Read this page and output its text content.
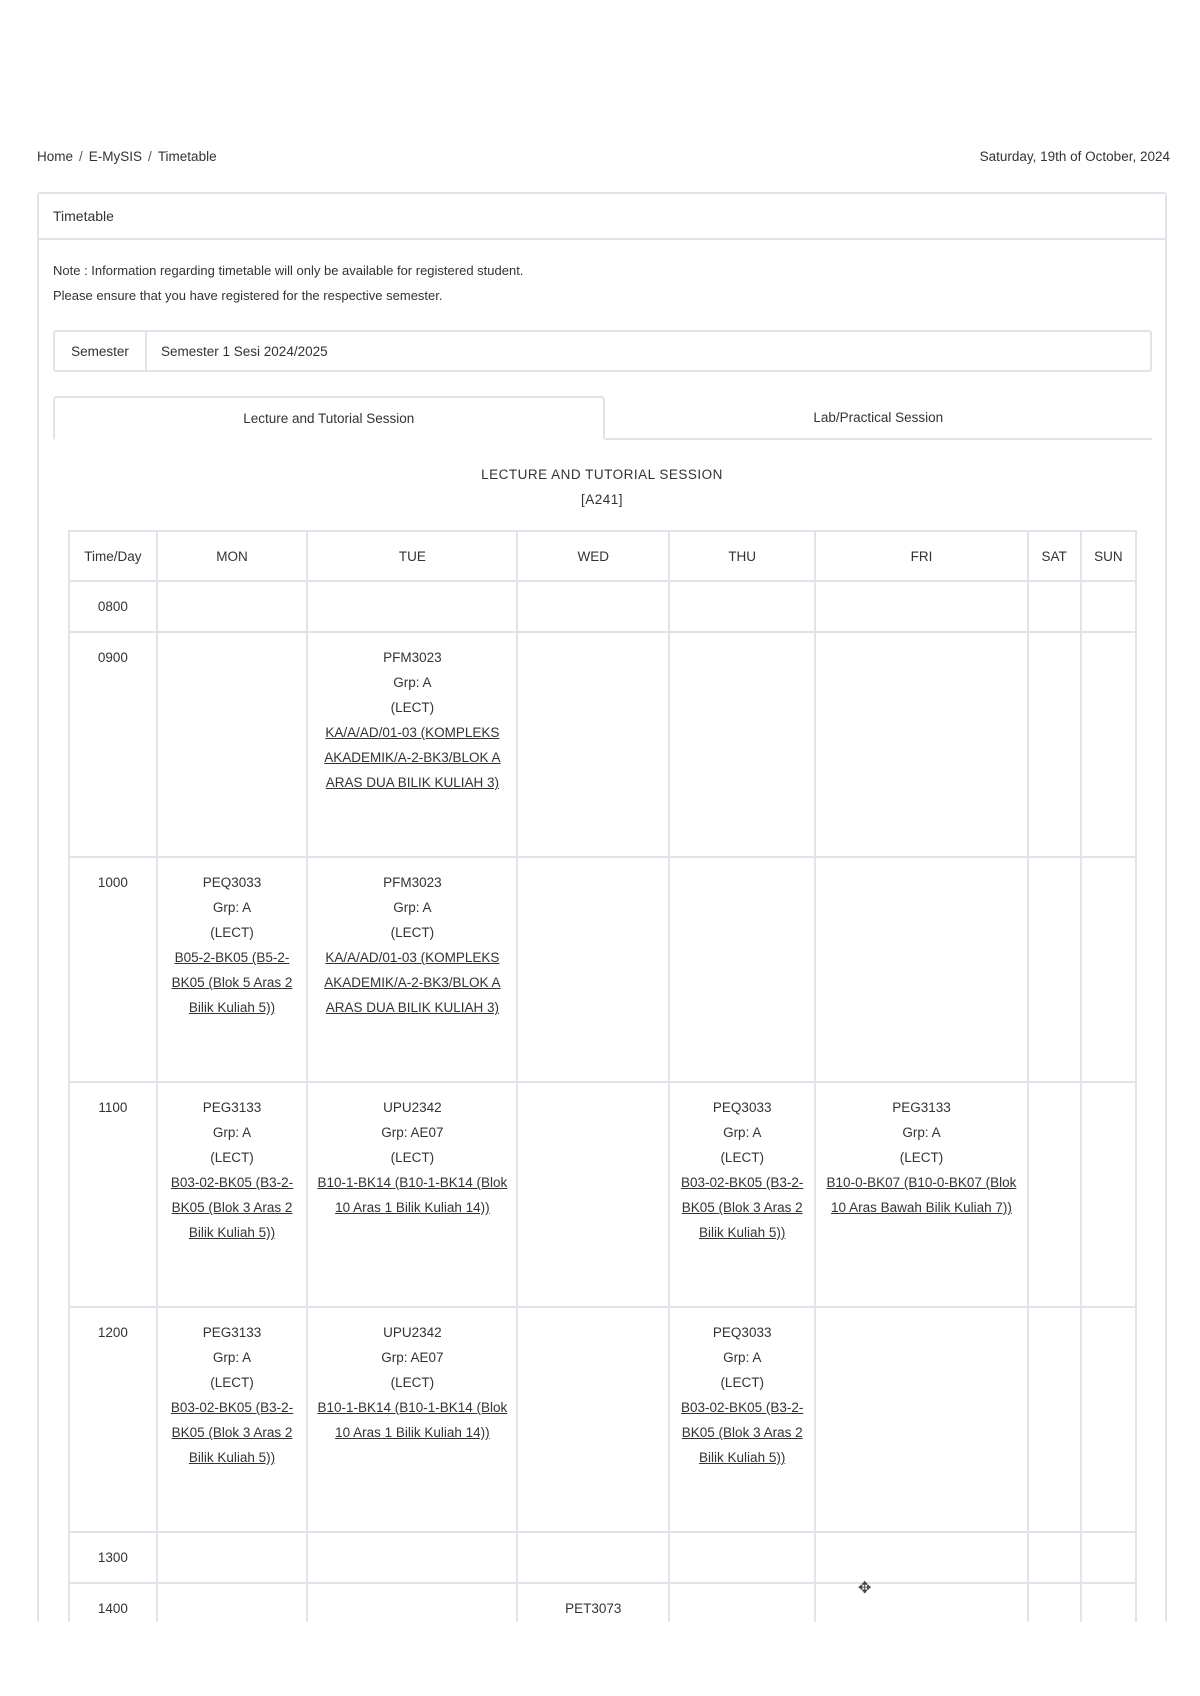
Home / E-MySIS / Timetable	Saturday, 19th of October, 2024
Timetable
Note : Information regarding timetable will only be available for registered student.
Please ensure that you have registered for the respective semester.
Semester	Semester 1 Sesi 2024/2025
Lecture and Tutorial Session	Lab/Practical Session
LECTURE AND TUTORIAL SESSION
[A241]
Time/Day	MON	TUE	WED	THU	FRI	SAT	SUN
0800							
0900		PFM3023
Grp: A
(LECT)
KA/A/AD/01-03 (KOMPLEKS AKADEMIK/A-2-BK3/BLOK A ARAS DUA BILIK KULIAH 3)					

1000	PEQ3033
Grp: A
(LECT)
B05-2-BK05 (B5-2-BK05 (Blok 5 Aras 2 Bilik Kuliah 5))	PFM3023
Grp: A
(LECT)
KA/A/AD/01-03 (KOMPLEKS AKADEMIK/A-2-BK3/BLOK A ARAS DUA BILIK KULIAH 3)					

1100	PEG3133
Grp: A
(LECT)
B03-02-BK05 (B3-2-BK05 (Blok 3 Aras 2 Bilik Kuliah 5))	UPU2342
Grp: AE07
(LECT)
B10-1-BK14 (B10-1-BK14 (Blok 10 Aras 1 Bilik Kuliah 14))		PEQ3033
Grp: A
(LECT)
B03-02-BK05 (B3-2-BK05 (Blok 3 Aras 2 Bilik Kuliah 5))	PEG3133
Grp: A
(LECT)
B10-0-BK07 (B10-0-BK07 (Blok 10 Aras Bawah Bilik Kuliah 7))		

1200	PEG3133
Grp: A
(LECT)
B03-02-BK05 (B3-2-BK05 (Blok 3 Aras 2 Bilik Kuliah 5))	UPU2342
Grp: AE07
(LECT)
B10-1-BK14 (B10-1-BK14 (Blok 10 Aras 1 Bilik Kuliah 14))		PEQ3033
Grp: A
(LECT)
B03-02-BK05 (B3-2-BK05 (Blok 3 Aras 2 Bilik Kuliah 5))			

1300							
1400			PET3073				

✥
